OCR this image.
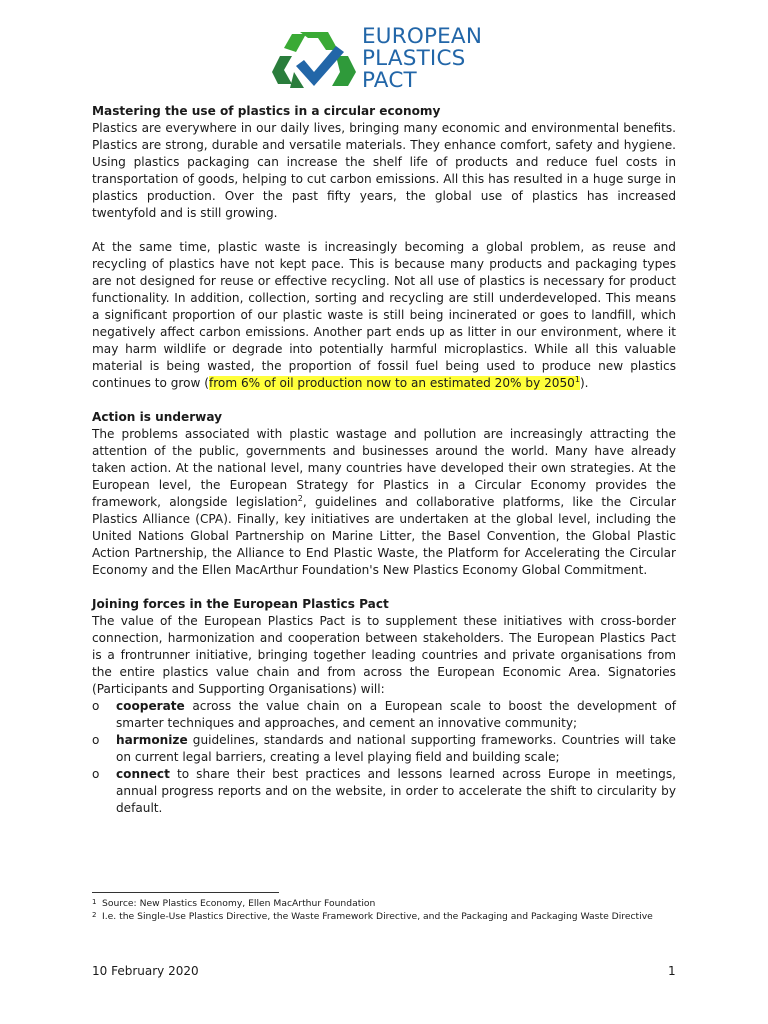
EUROPEAN
PLASTICS
PACT
Mastering the use of plastics in a circular economy

Plastics are everywhere in our daily lives, bringing many economic and environmental benefits. Plastics are strong, durable and versatile materials. They enhance comfort, safety and hygiene. Using plastics packaging can increase the shelf life of products and reduce fuel costs in transportation of goods, helping to cut carbon emissions. All this has resulted in a huge surge in plastics production. Over the past fifty years, the global use of plastics has increased twentyfold and is still growing.

At the same time, plastic waste is increasingly becoming a global problem, as reuse and recycling of plastics have not kept pace. This is because many products and packaging types are not designed for reuse or effective recycling. Not all use of plastics is necessary for product functionality. In addition, collection, sorting and recycling are still underdeveloped. This means a significant proportion of our plastic waste is still being incinerated or goes to landfill, which negatively affect carbon emissions. Another part ends up as litter in our environment, where it may harm wildlife or degrade into potentially harmful microplastics. While all this valuable material is being wasted, the proportion of fossil fuel being used to produce new plastics continues to grow (from 6% of oil production now to an estimated 20% by 2050$^1$).

Action is underway

The problems associated with plastic wastage and pollution are increasingly attracting the attention of the public, governments and businesses around the world. Many have already taken action. At the national level, many countries have developed their own strategies. At the European level, the European Strategy for Plastics in a Circular Economy provides the framework, alongside legislation$^2$, guidelines and collaborative platforms, like the Circular Plastics Alliance (CPA). Finally, key initiatives are undertaken at the global level, including the United Nations Global Partnership on Marine Litter, the Basel Convention, the Global Plastic Action Partnership, the Alliance to End Plastic Waste, the Platform for Accelerating the Circular Economy and the Ellen MacArthur Foundation's New Plastics Economy Global Commitment.

Joining forces in the European Plastics Pact

The value of the European Plastics Pact is to supplement these initiatives with cross-border connection, harmonization and cooperation between stakeholders. The European Plastics Pact is a frontrunner initiative, bringing together leading countries and private organisations from the entire plastics value chain and from across the European Economic Area. Signatories (Participants and Supporting Organisations) will:

o cooperate across the value chain on a European scale to boost the development of smarter techniques and approaches, and cement an innovative community;
o harmonize guidelines, standards and national supporting frameworks. Countries will take on current legal barriers, creating a level playing field and building scale;
o connect to share their best practices and lessons learned across Europe in meetings, annual progress reports and on the website, in order to accelerate the shift to circularity by default.
1 Source: New Plastics Economy, Ellen MacArthur Foundation
2 I.e. the Single-Use Plastics Directive, the Waste Framework Directive, and the Packaging and Packaging Waste Directive
10 February 2020	1
